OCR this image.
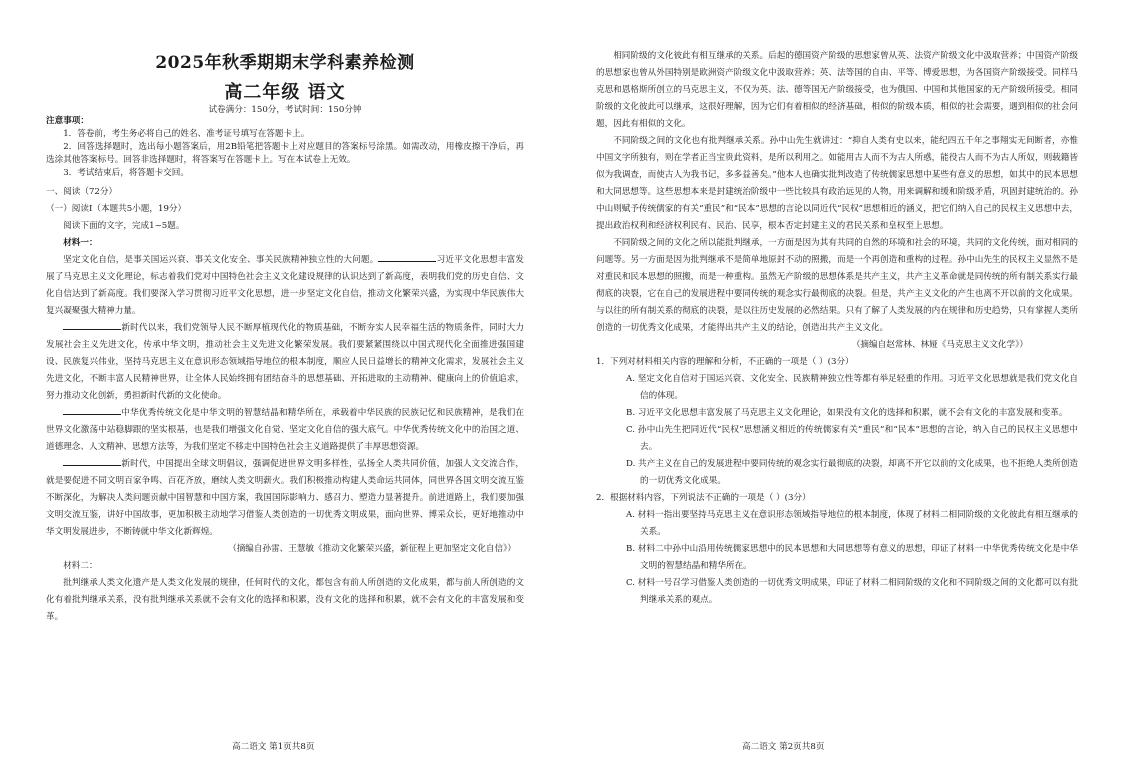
2025年秋季期期末学科素养检测
高二年级 语文
试卷满分：150分，考试时间：150分钟

注意事项：

1．答卷前，考生务必将自己的姓名、准考证号填写在答题卡上。

2．回答选择题时，选出每小题答案后，用2B铅笔把答题卡上对应题目的答案标号涂黑。如需改动，用橡皮擦干净后，再选涂其他答案标号。回答非选择题时，将答案写在答题卡上。写在本试卷上无效。

3．考试结束后，将答题卡交回。

一、阅读（72分）

（一）阅读Ⅰ（本题共5小题，19分）

阅读下面的文字，完成1~5题。

材料一：

坚定文化自信，是事关国运兴衰、事关文化安全、事关民族精神独立性的大问题。	习近平文化思想丰富发展了马克思主义文化理论，标志着我们党对中国特色社会主义文化建设规律的认识达到了新高度，表明我们党的历史自信、文化自信达到了新高度。我们要深入学习贯彻习近平文化思想，进一步坚定文化自信，推动文化繁荣兴盛，为实现中华民族伟大复兴凝聚强大精神力量。

新时代以来，我们党领导人民不断厚植现代化的物质基础，不断夯实人民幸福生活的物质条件，同时大力发展社会主义先进文化，传承中华文明，推动社会主义先进文化繁荣发展。我们要紧紧围绕以中国式现代化全面推进强国建设、民族复兴伟业，坚持马克思主义在意识形态领域指导地位的根本制度，顺应人民日益增长的精神文化需求，发展社会主义先进文化，不断丰富人民精神世界，让全体人民始终拥有团结奋斗的思想基础、开拓进取的主动精神、健康向上的价值追求，努力推动文化创新，勇担新时代新的文化使命。

中华优秀传统文化是中华文明的智慧结晶和精华所在，承载着中华民族的民族记忆和民族精神，是我们在世界文化激荡中站稳脚跟的坚实根基，也是我们增强文化自觉、坚定文化自信的强大底气。中华优秀传统文化中的治国之道、道德理念、人文精神、思想方法等，为我们坚定不移走中国特色社会主义道路提供了丰厚思想资源。

新时代，中国提出全球文明倡议，强调促进世界文明多样性，弘扬全人类共同价值，加强人文交流合作，就是要促进不同文明百家争鸣、百花齐放，磨续人类文明薪火。我们积极推动构建人类命运共同体，同世界各国文明交流互鉴不断深化，为解决人类问题贡献中国智慧和中国方案，我国国际影响力、感召力、塑造力显著提升。前进道路上，我们要加强文明交流互鉴，讲好中国故事，更加积极主动地学习借鉴人类创造的一切优秀文明成果，面向世界、博采众长，更好地推动中华文明发展进步，不断铸就中华文化新辉煌。

（摘编自孙雷、王慧敏《推动文化繁荣兴盛，新征程上更加坚定文化自信》）

材料二：

批判继承人类文化遗产是人类文化发展的规律，任何时代的文化，都包含有前人所创造的文化成果，都与前人所创造的文化有着批判继承关系，没有批判继承关系就不会有文化的选择和积累，没有文化的选择和积累，就不会有文化的丰富发展和变革。

高二语文 第1页共8页

相同阶级的文化彼此有相互继承的关系。后起的德国资产阶级的思想家曾从英、法资产阶级文化中汲取营养；中国资产阶级的思想家也曾从外国特别是欧洲资产阶级文化中汲取营养；英、法等国的自由、平等、博爱思想，为各国资产阶级接受。同样马克思和恩格斯所创立的马克思主义，不仅为英、法、德等国无产阶级接受，也为俄国、中国和其他国家的无产阶级所接受。相同阶级的文化彼此可以继承，这很好理解，因为它们有着相似的经济基础，相似的阶级本质，相似的社会需要，遇到相似的社会问题，因此有相似的文化。

不同阶级之间的文化也有批判继承关系。孙中山先生就讲过：“抑自人类有史以来，能纪四五千年之事翔实无间断者，亦惟中国文字所独有，则在学者正当宝贵此资料，是所以利用之。如能用古人而不为古人所惑，能役古人而不为古人所奴，则载籍皆似为我调查，而使古人为我书记，多多益善矣。”他本人也确实批判改造了传统儒家思想中某些有意义的思想，如其中的民本思想和大同思想等。这些思想本来是封建统治阶级中一些比较具有政治远见的人物，用来调解和缓和阶级矛盾，巩固封建统治的。孙中山则赋予传统儒家的有关“重民”和“民本”思想的言论以同近代“民权”思想相近的涵义，把它们纳入自己的民权主义思想中去，提出政治权利和经济权利民有、民治、民享，根本否定封建主义的君民关系和皇权至上思想。

不同阶级之间的文化之所以能批判继承，一方面是因为其有共同的自然的环境和社会的环境，共同的文化传统，面对相同的问题等。另一方面是因为批判继承不是简单地原封不动的照搬，而是一个再创造和重构的过程。孙中山先生的民权主义显然不是对重民和民本思想的照搬，而是一种重构。虽然无产阶级的思想体系是共产主义，共产主义革命就是同传统的所有制关系实行最彻底的决裂，它在自己的发展进程中要同传统的观念实行最彻底的决裂。但是，共产主义文化的产生也离不开以前的文化成果。与以往的所有制关系的彻底的决裂，是以往历史发展的必然结果。只有了解了人类发展的内在规律和历史趋势，只有掌握人类所创造的一切优秀文化成果，才能得出共产主义的结论，创造出共产主义文化。

（摘编自赵常林、林娅《马克思主义文化学》）

1．下列对材料相关内容的理解和分析，不正确的一项是（ ）(3分）

A. 坚定文化自信对于国运兴衰、文化安全、民族精神独立性等都有举足轻重的作用。习近平文化思想就是我们党文化自信的体现。

B. 习近平文化思想丰富发展了马克思主义文化理论，如果没有文化的选择和积累，就不会有文化的丰富发展和变革。

C. 孙中山先生把同近代“民权”思想涵义相近的传统儒家有关“重民”和“民本”思想的言论，纳入自己的民权主义思想中去。

D. 共产主义在自己的发展进程中要同传统的观念实行最彻底的决裂，却离不开它以前的文化成果，也不拒绝人类所创造的一切优秀文化成果。

2．根据材料内容，下列说法不正确的一项是（ ）(3分）

A. 材料一指出要坚持马克思主义在意识形态领域指导地位的根本制度，体现了材料二相同阶级的文化彼此有相互继承的关系。

B. 材料二中孙中山沿用传统儒家思想中的民本思想和大同思想等有意义的思想，印证了材料一中华优秀传统文化是中华文明的智慧结晶和精华所在。

C. 材料一号召学习借鉴人类创造的一切优秀文明成果，印证了材料二相同阶级的文化和不同阶级之间的文化都可以有批判继承关系的观点。

高二语文 第2页共8页
